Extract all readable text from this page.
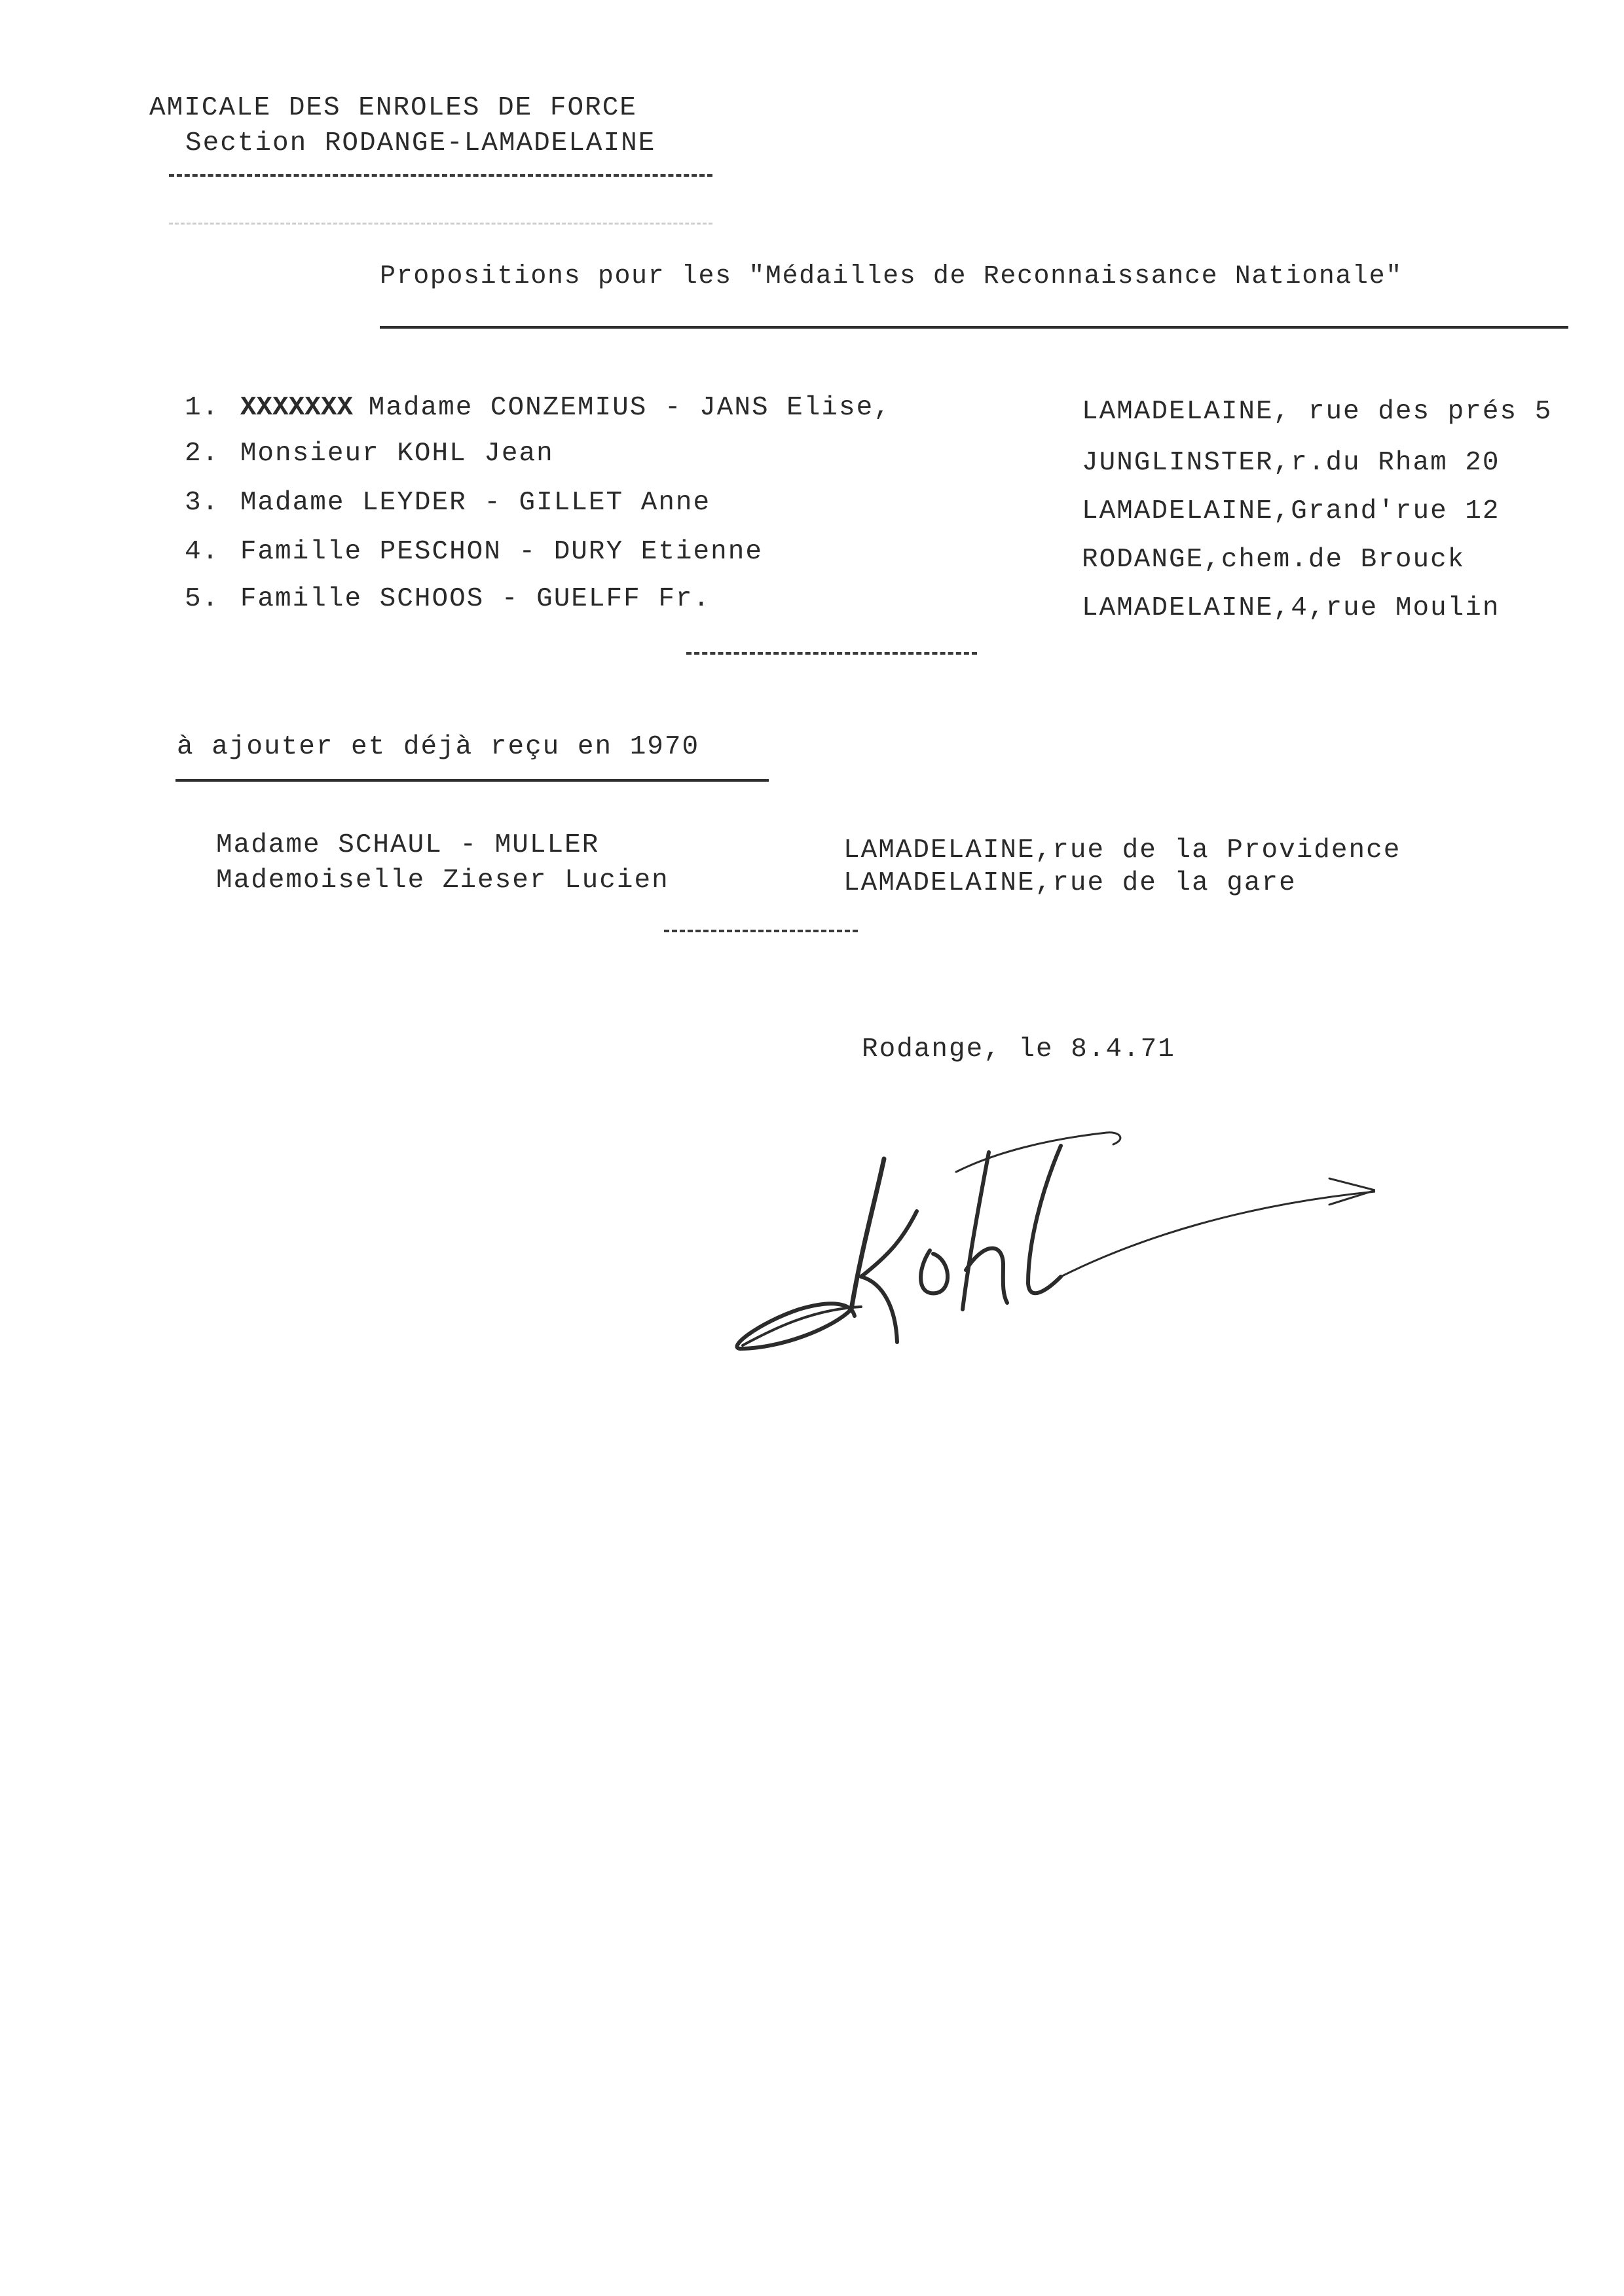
AMICALE DES ENROLES DE FORCE
Section RODANGE-LAMADELAINE
Propositions pour les "Médailles de Reconnaissance Nationale"
1. XXXXXXX Madame CONZEMIUS - JANS Elise,	LAMADELAINE, rue des prés 5
2. Monsieur KOHL Jean	JUNGLINSTER,r.du Rham 20
3. Madame LEYDER - GILLET Anne	LAMADELAINE,Grand'rue 12
4. Famille PESCHON - DURY Etienne	RODANGE,chem.de Brouck
5. Famille SCHOOS - GUELFF Fr.	LAMADELAINE,4,rue Moulin
à ajouter et déjà reçu en 1970
Madame SCHAUL - MULLER	LAMADELAINE,rue de la Providence
Mademoiselle Zieser Lucien	LAMADELAINE,rue de la gare
Rodange, le 8.4.71
